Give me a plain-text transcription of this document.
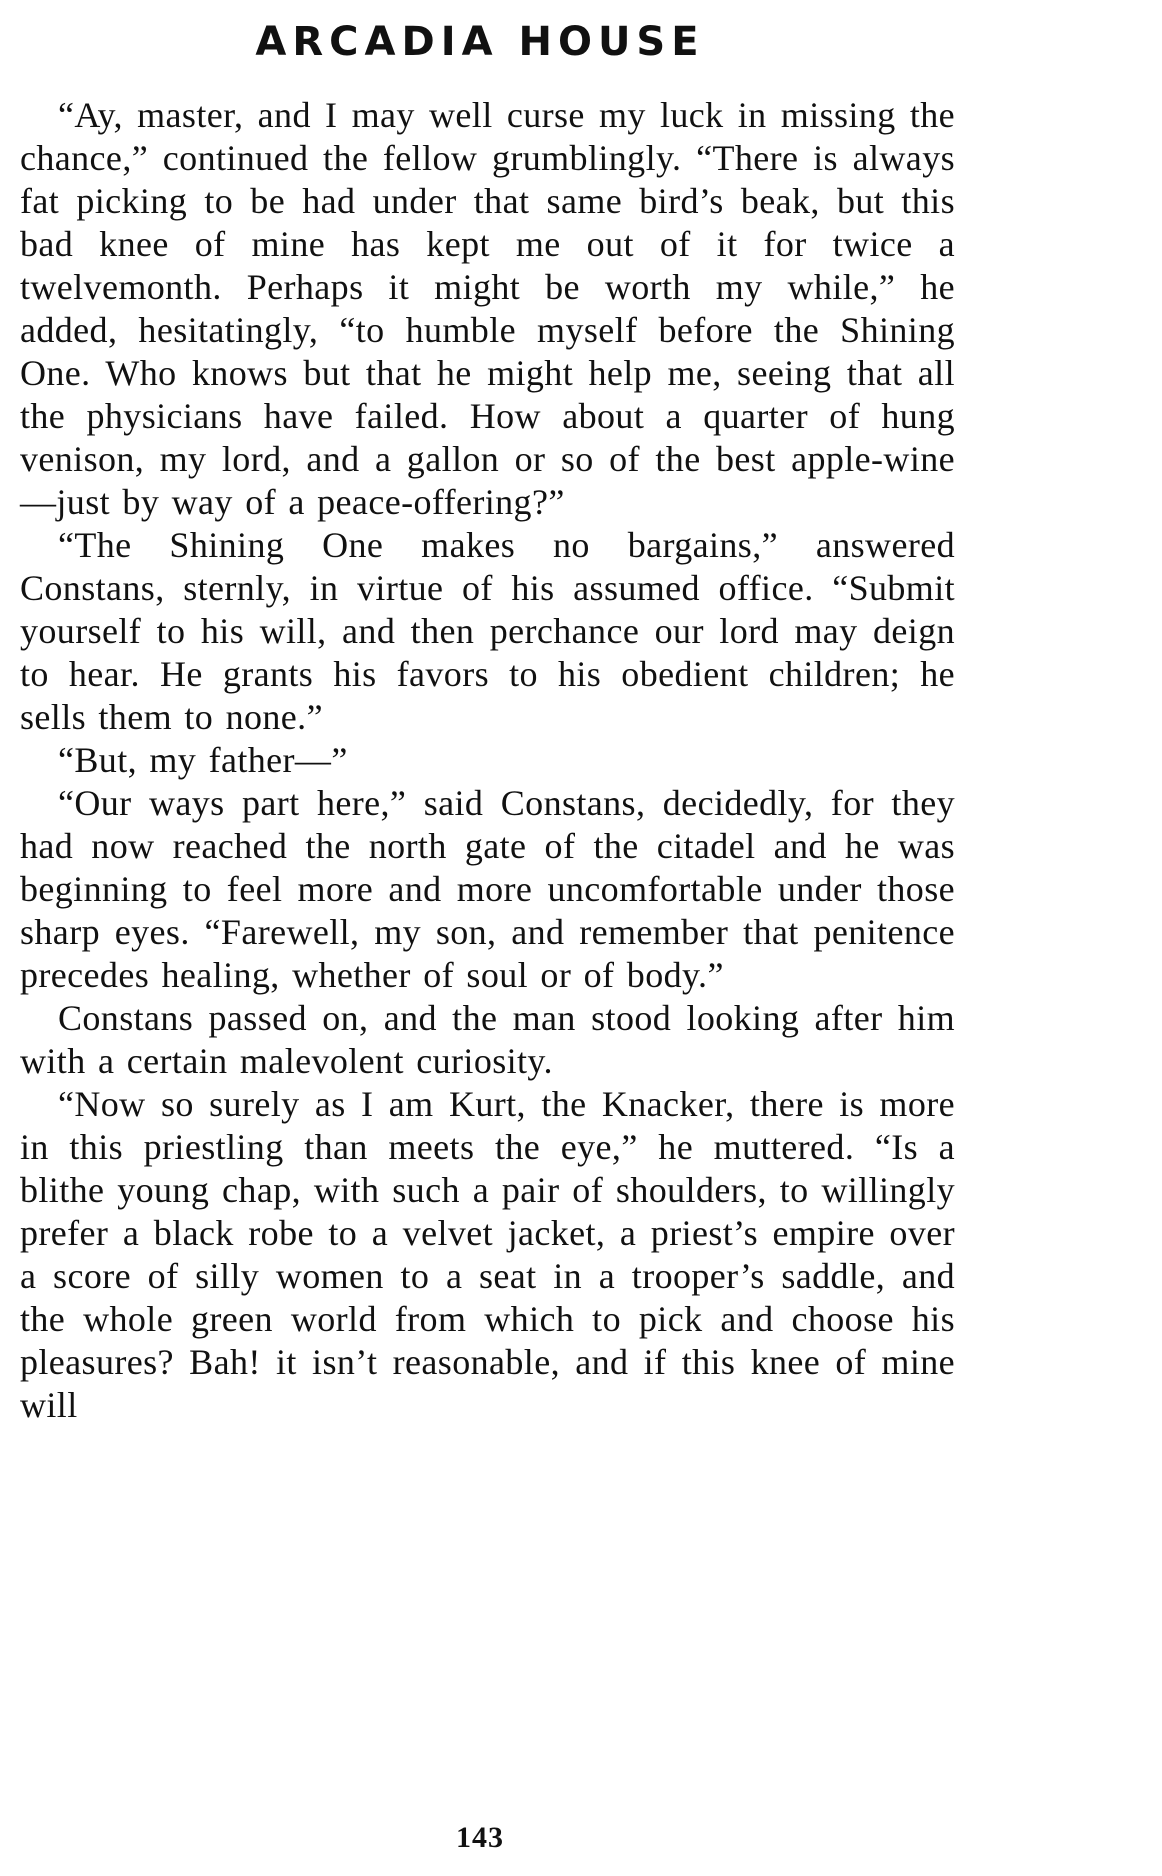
ARCADIA HOUSE

“Ay, master, and I may well curse my luck in missing the chance,” continued the fellow grumblingly. “There is always fat picking to be had under that same bird’s beak, but this bad knee of mine has kept me out of it for twice a twelvemonth. Perhaps it might be worth my while,” he added, hesitatingly, “to humble myself before the Shining One. Who knows but that he might help me, seeing that all the physicians have failed. How about a quarter of hung venison, my lord, and a gallon or so of the best apple-wine—just by way of a peace-offering?”

“The Shining One makes no bargains,” answered Constans, sternly, in virtue of his assumed office. “Submit yourself to his will, and then perchance our lord may deign to hear. He grants his favors to his obedient children; he sells them to none.”

“But, my father—”

“Our ways part here,” said Constans, decidedly, for they had now reached the north gate of the citadel and he was beginning to feel more and more uncomfortable under those sharp eyes. “Farewell, my son, and remember that penitence precedes healing, whether of soul or of body.”

Constans passed on, and the man stood looking after him with a certain malevolent curiosity.

“Now so surely as I am Kurt, the Knacker, there is more in this priestling than meets the eye,” he muttered. “Is a blithe young chap, with such a pair of shoulders, to willingly prefer a black robe to a velvet jacket, a priest’s empire over a score of silly women to a seat in a trooper’s saddle, and the whole green world from which to pick and choose his pleasures? Bah! it isn’t reasonable, and if this knee of mine will

143
